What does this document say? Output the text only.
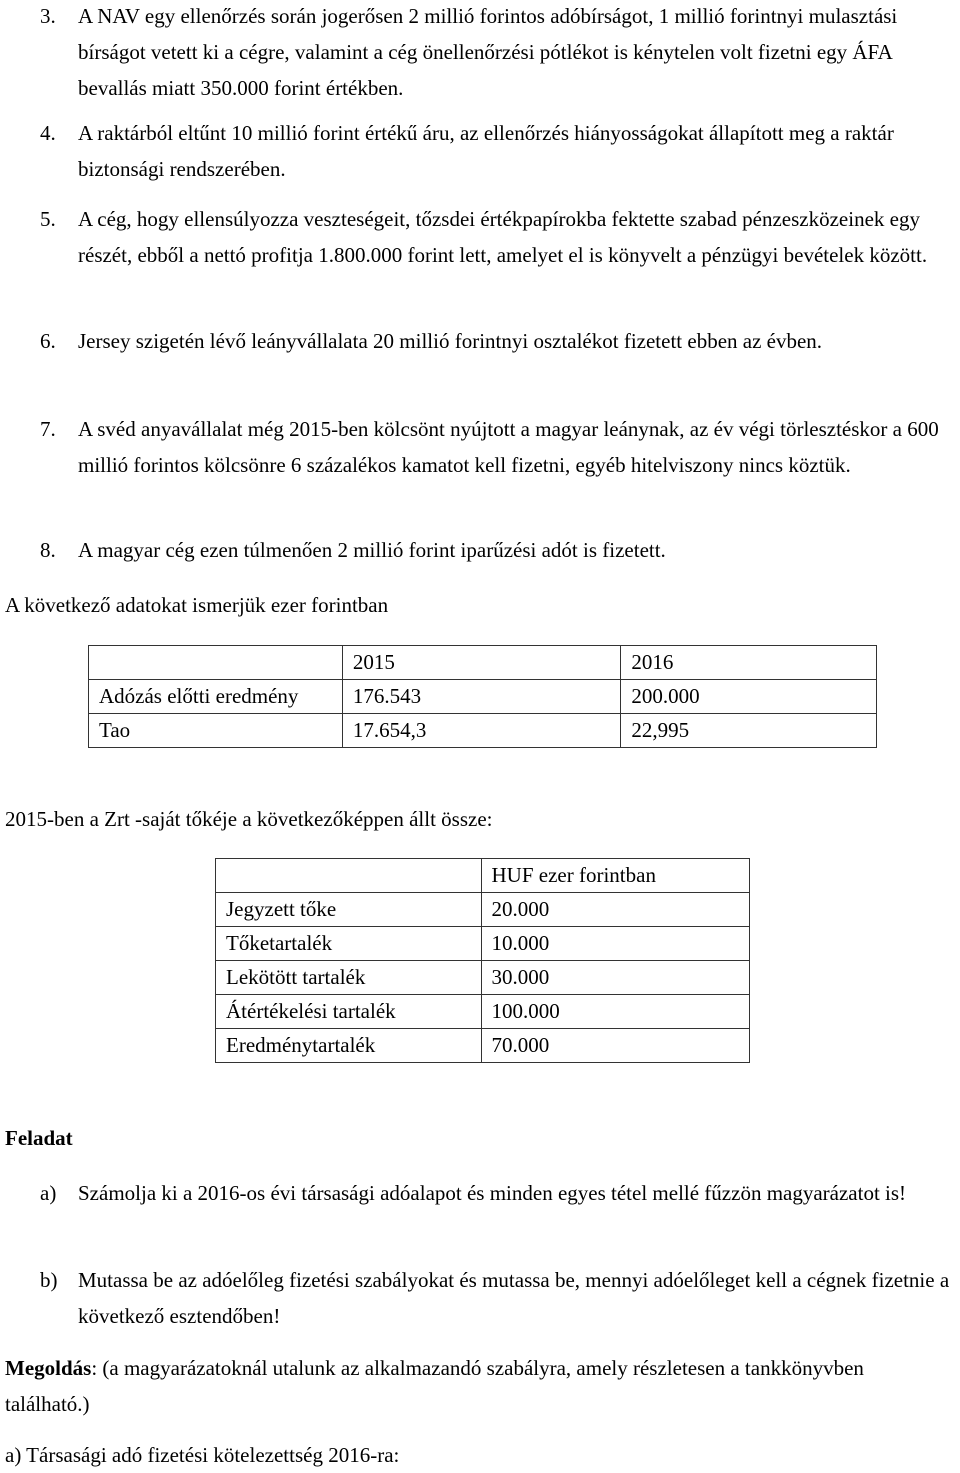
3. A NAV egy ellenőrzés során jogerősen 2 millió forintos adóbírságot, 1 millió forintnyi mulasztási bírságot vetett ki a cégre, valamint a cég önellenőrzési pótlékot is kénytelen volt fizetni egy ÁFA bevallás miatt 350.000 forint értékben.
4. A raktárból eltűnt 10 millió forint értékű áru, az ellenőrzés hiányosságokat állapított meg a raktár biztonsági rendszerében.
5. A cég, hogy ellensúlyozza veszteségeit, tőzsdei értékpapírokba fektette szabad pénzeszközeinek egy részét, ebből a nettó profitja 1.800.000 forint lett, amelyet el is könyvelt a pénzügyi bevételek között.
6. Jersey szigetén lévő leányvállalata 20 millió forintnyi osztalékot fizetett ebben az évben.
7. A svéd anyavállalat még 2015-ben kölcsönt nyújtott a magyar leánynak, az év végi törlesztéskor a 600 millió forintos kölcsönre 6 százalékos kamatot kell fizetni, egyéb hitelviszony nincs köztük.
8. A magyar cég ezen túlmenően 2 millió forint iparűzési adót is fizetett.
A következő adatokat ismerjük ezer forintban
	2015	2016
Adózás előtti eredmény	176.543	200.000
Tao	17.654,3	22,995
2015-ben a Zrt -saját tőkéje a következőképpen állt össze:
	HUF ezer forintban
Jegyzett tőke	20.000
Tőketartalék	10.000
Lekötött tartalék	30.000
Átértékelési tartalék	100.000
Eredménytartalék	70.000
Feladat
a) Számolja ki a 2016-os évi társasági adóalapot és minden egyes tétel mellé fűzzön magyarázatot is!
b) Mutassa be az adóelőleg fizetési szabályokat és mutassa be, mennyi adóelőleget kell a cégnek fizetnie a következő esztendőben!
Megoldás: (a magyarázatoknál utalunk az alkalmazandó szabályra, amely részletesen a tankkönyvben található.)
a) Társasági adó fizetési kötelezettség 2016-ra:
